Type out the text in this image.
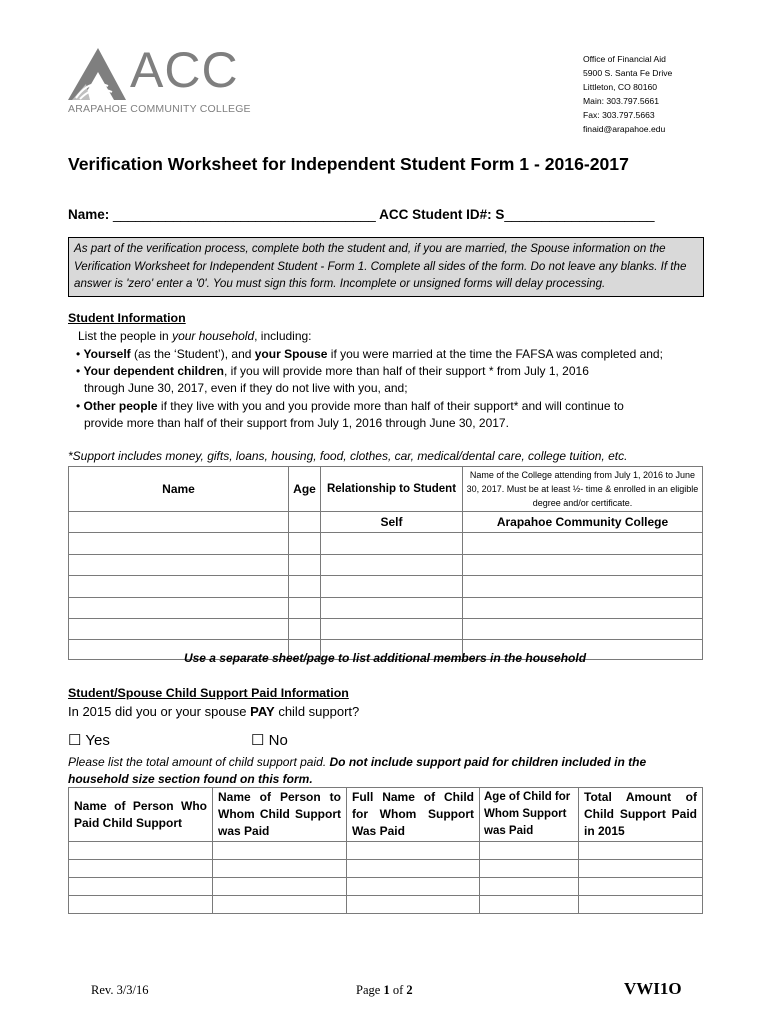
ACC
ARAPAHOE COMMUNITY COLLEGE
Office of Financial Aid
5900 S. Santa Fe Drive
Littleton, CO 80160
Main: 303.797.5661
Fax: 303.797.5663
finaid@arapahoe.edu
Verification Worksheet for Independent Student Form 1 - 2016-2017
Name: ___________________________________ ACC Student ID#: S____________________
As part of the verification process, complete both the student and, if you are married, the Spouse information on the Verification Worksheet for Independent Student - Form 1. Complete all sides of the form. Do not leave any blanks. If the answer is 'zero' enter a '0'. You must sign this form. Incomplete or unsigned forms will delay processing.
Student Information
List the people in your household, including:
• Yourself (as the ‘Student’), and your Spouse if you were married at the time the FAFSA was completed and;
• Your dependent children, if you will provide more than half of their support * from July 1, 2016
through June 30, 2017, even if they do not live with you, and;
• Other people if they live with you and you provide more than half of their support* and will continue to
provide more than half of their support from July 1, 2016 through June 30, 2017.
*Support includes money, gifts, loans, housing, food, clothes, car, medical/dental care, college tuition, etc.
Name	Age	Relationship to Student	Name of the College attending from July 1, 2016 to June 30, 2017. Must be at least ½- time & enrolled in an eligible degree and/or certificate.
		Self	Arapahoe Community College

Use a separate sheet/page to list additional members in the household
Student/Spouse Child Support Paid Information
In 2015 did you or your spouse PAY child support?
☐ Yes	☐ No
Please list the total amount of child support paid. Do not include support paid for children included in the
household size section found on this form.
Name of Person Who Paid Child Support	Name of Person to Whom Child Support was Paid	Full Name of Child for Whom Support Was Paid	Age of Child for Whom Support was Paid	Total Amount of Child Support Paid in 2015

Rev. 3/3/16	Page 1 of 2	VWI1O
